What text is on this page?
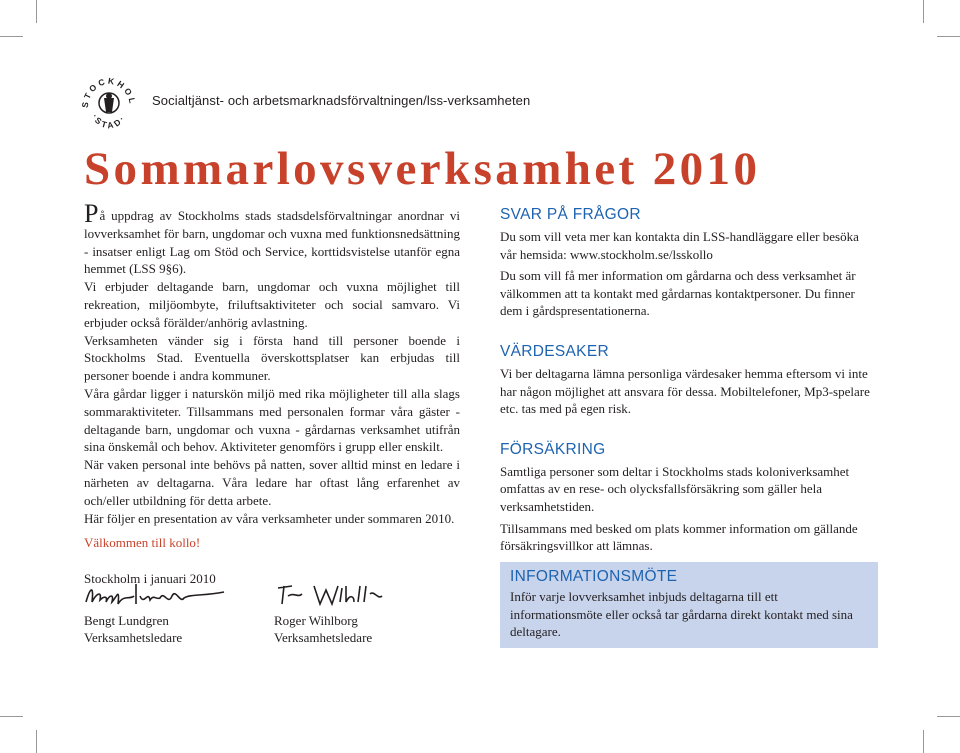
STOCKHOL
·STAD·
Socialtjänst- och arbetsmarknadsförvaltningen/lss-verksamheten
Sommarlovsverksamhet 2010

På uppdrag av Stockholms stads stadsdelsförvaltningar anordnar vi lovverksamhet för barn, ungdomar och vuxna med funktionsnedsättning - insatser enligt Lag om Stöd och Service, korttidsvistelse utanför egna hemmet (LSS 9§6).

Vi erbjuder deltagande barn, ungdomar och vuxna möjlighet till rekreation, miljöombyte, friluftsaktiviteter och social samvaro. Vi erbjuder också förälder/anhörig avlastning.

Verksamheten vänder sig i första hand till personer boende i Stockholms Stad. Eventuella överskottsplatser kan erbjudas till personer boende i andra kommuner.

Våra gårdar ligger i naturskön miljö med rika möjligheter till alla slags sommaraktiviteter. Tillsammans med personalen formar våra gäster - deltagande barn, ungdomar och vuxna - gårdarnas verksamhet utifrån sina önskemål och behov. Aktiviteter genomförs i grupp eller enskilt.

När vaken personal inte behövs på natten, sover alltid minst en ledare i närheten av deltagarna. Våra ledare har oftast lång erfarenhet av och/eller utbildning för detta arbete.

Här följer en presentation av våra verksamheter under sommaren 2010.

Välkommen till kollo!

Stockholm i januari 2010

Bengt Lundgren
Verksamhetsledare
Roger Wihlborg
Verksamhetsledare
SVAR PÅ FRÅGOR

Du som vill veta mer kan kontakta din LSS-handläggare eller besöka vår hemsida: www.stockholm.se/lsskollo

Du som vill få mer information om gårdarna och dess verksamhet är välkommen att ta kontakt med gårdarnas kontaktpersoner. Du finner dem i gårdspresentationerna.

VÄRDESAKER

Vi ber deltagarna lämna personliga värdesaker hemma eftersom vi inte har någon möjlighet att ansvara för dessa. Mobiltelefoner, Mp3-spelare etc. tas med på egen risk.

FÖRSÄKRING

Samtliga personer som deltar i Stockholms stads koloniverksamhet omfattas av en rese- och olycksfallsförsäkring som gäller hela verksamhetstiden.

Tillsammans med besked om plats kommer information om gällande försäkringsvillkor att lämnas.

INFORMATIONSMÖTE

Inför varje lovverksamhet inbjuds deltagarna till ett informationsmöte eller också tar gårdarna direkt kontakt med sina deltagare.
